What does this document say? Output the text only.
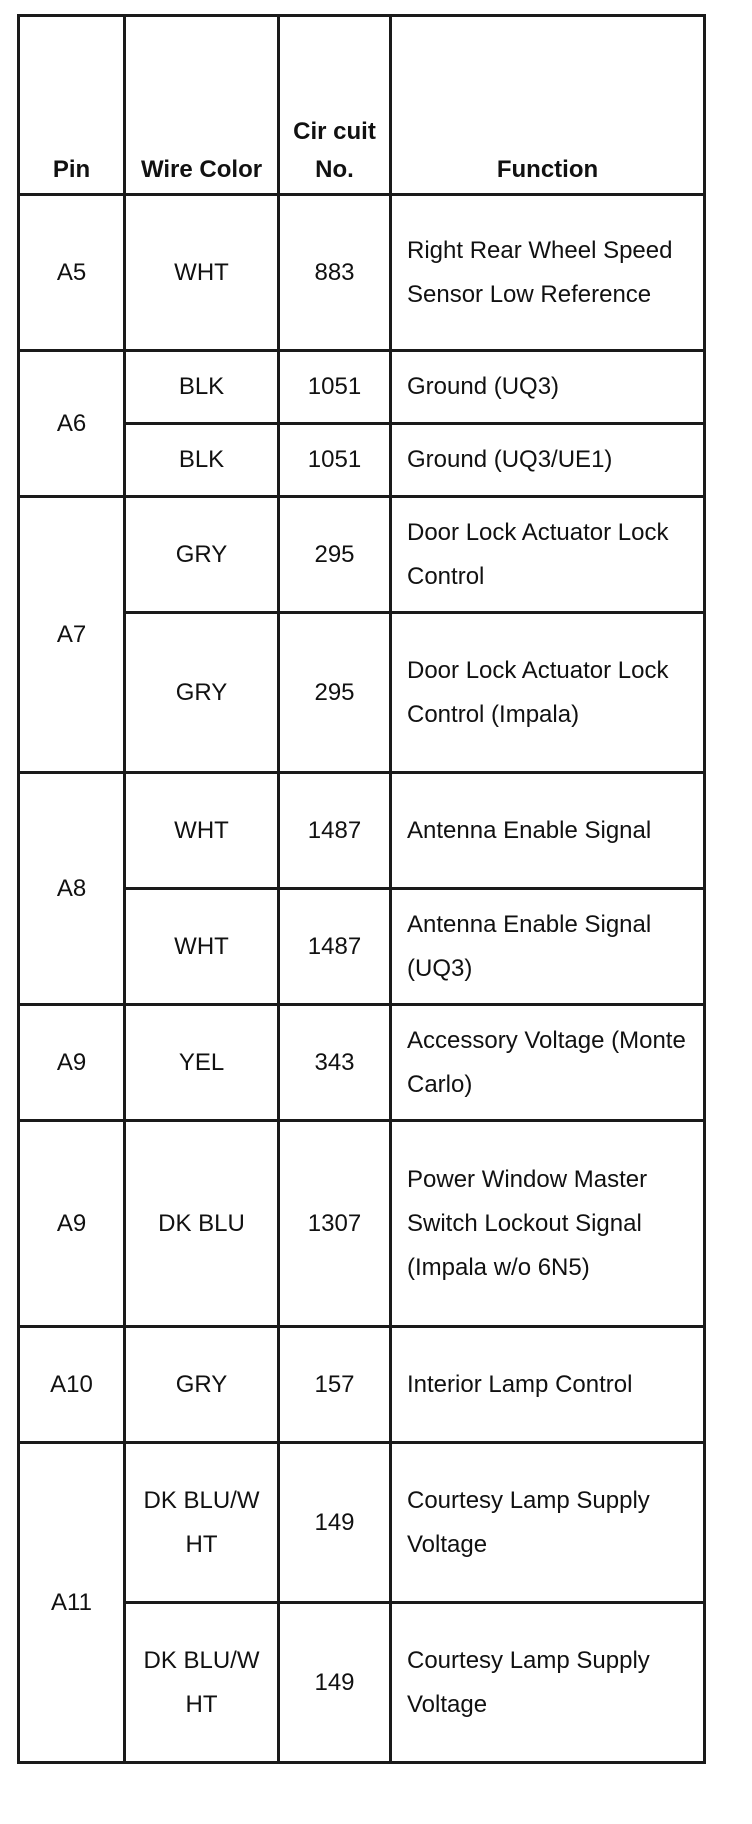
Pin	Wire Color	Cir cuit No.	Function
A5	WHT	883	Right Rear Wheel Speed Sensor Low Reference
A6	BLK	1051	Ground (UQ3)
	BLK	1051	Ground (UQ3/UE1)
A7	GRY	295	Door Lock Actuator Lock Control
	GRY	295	Door Lock Actuator Lock Control (Impala)
A8	WHT	1487	Antenna Enable Signal
	WHT	1487	Antenna Enable Signal (UQ3)
A9	YEL	343	Accessory Voltage (Monte Carlo)
A9	DK BLU	1307	Power Window Master Switch Lockout Signal (Impala w/o 6N5)
A10	GRY	157	Interior Lamp Control
A11	DK BLU/W HT	149	Courtesy Lamp Supply Voltage
	DK BLU/W HT	149	Courtesy Lamp Supply Voltage
